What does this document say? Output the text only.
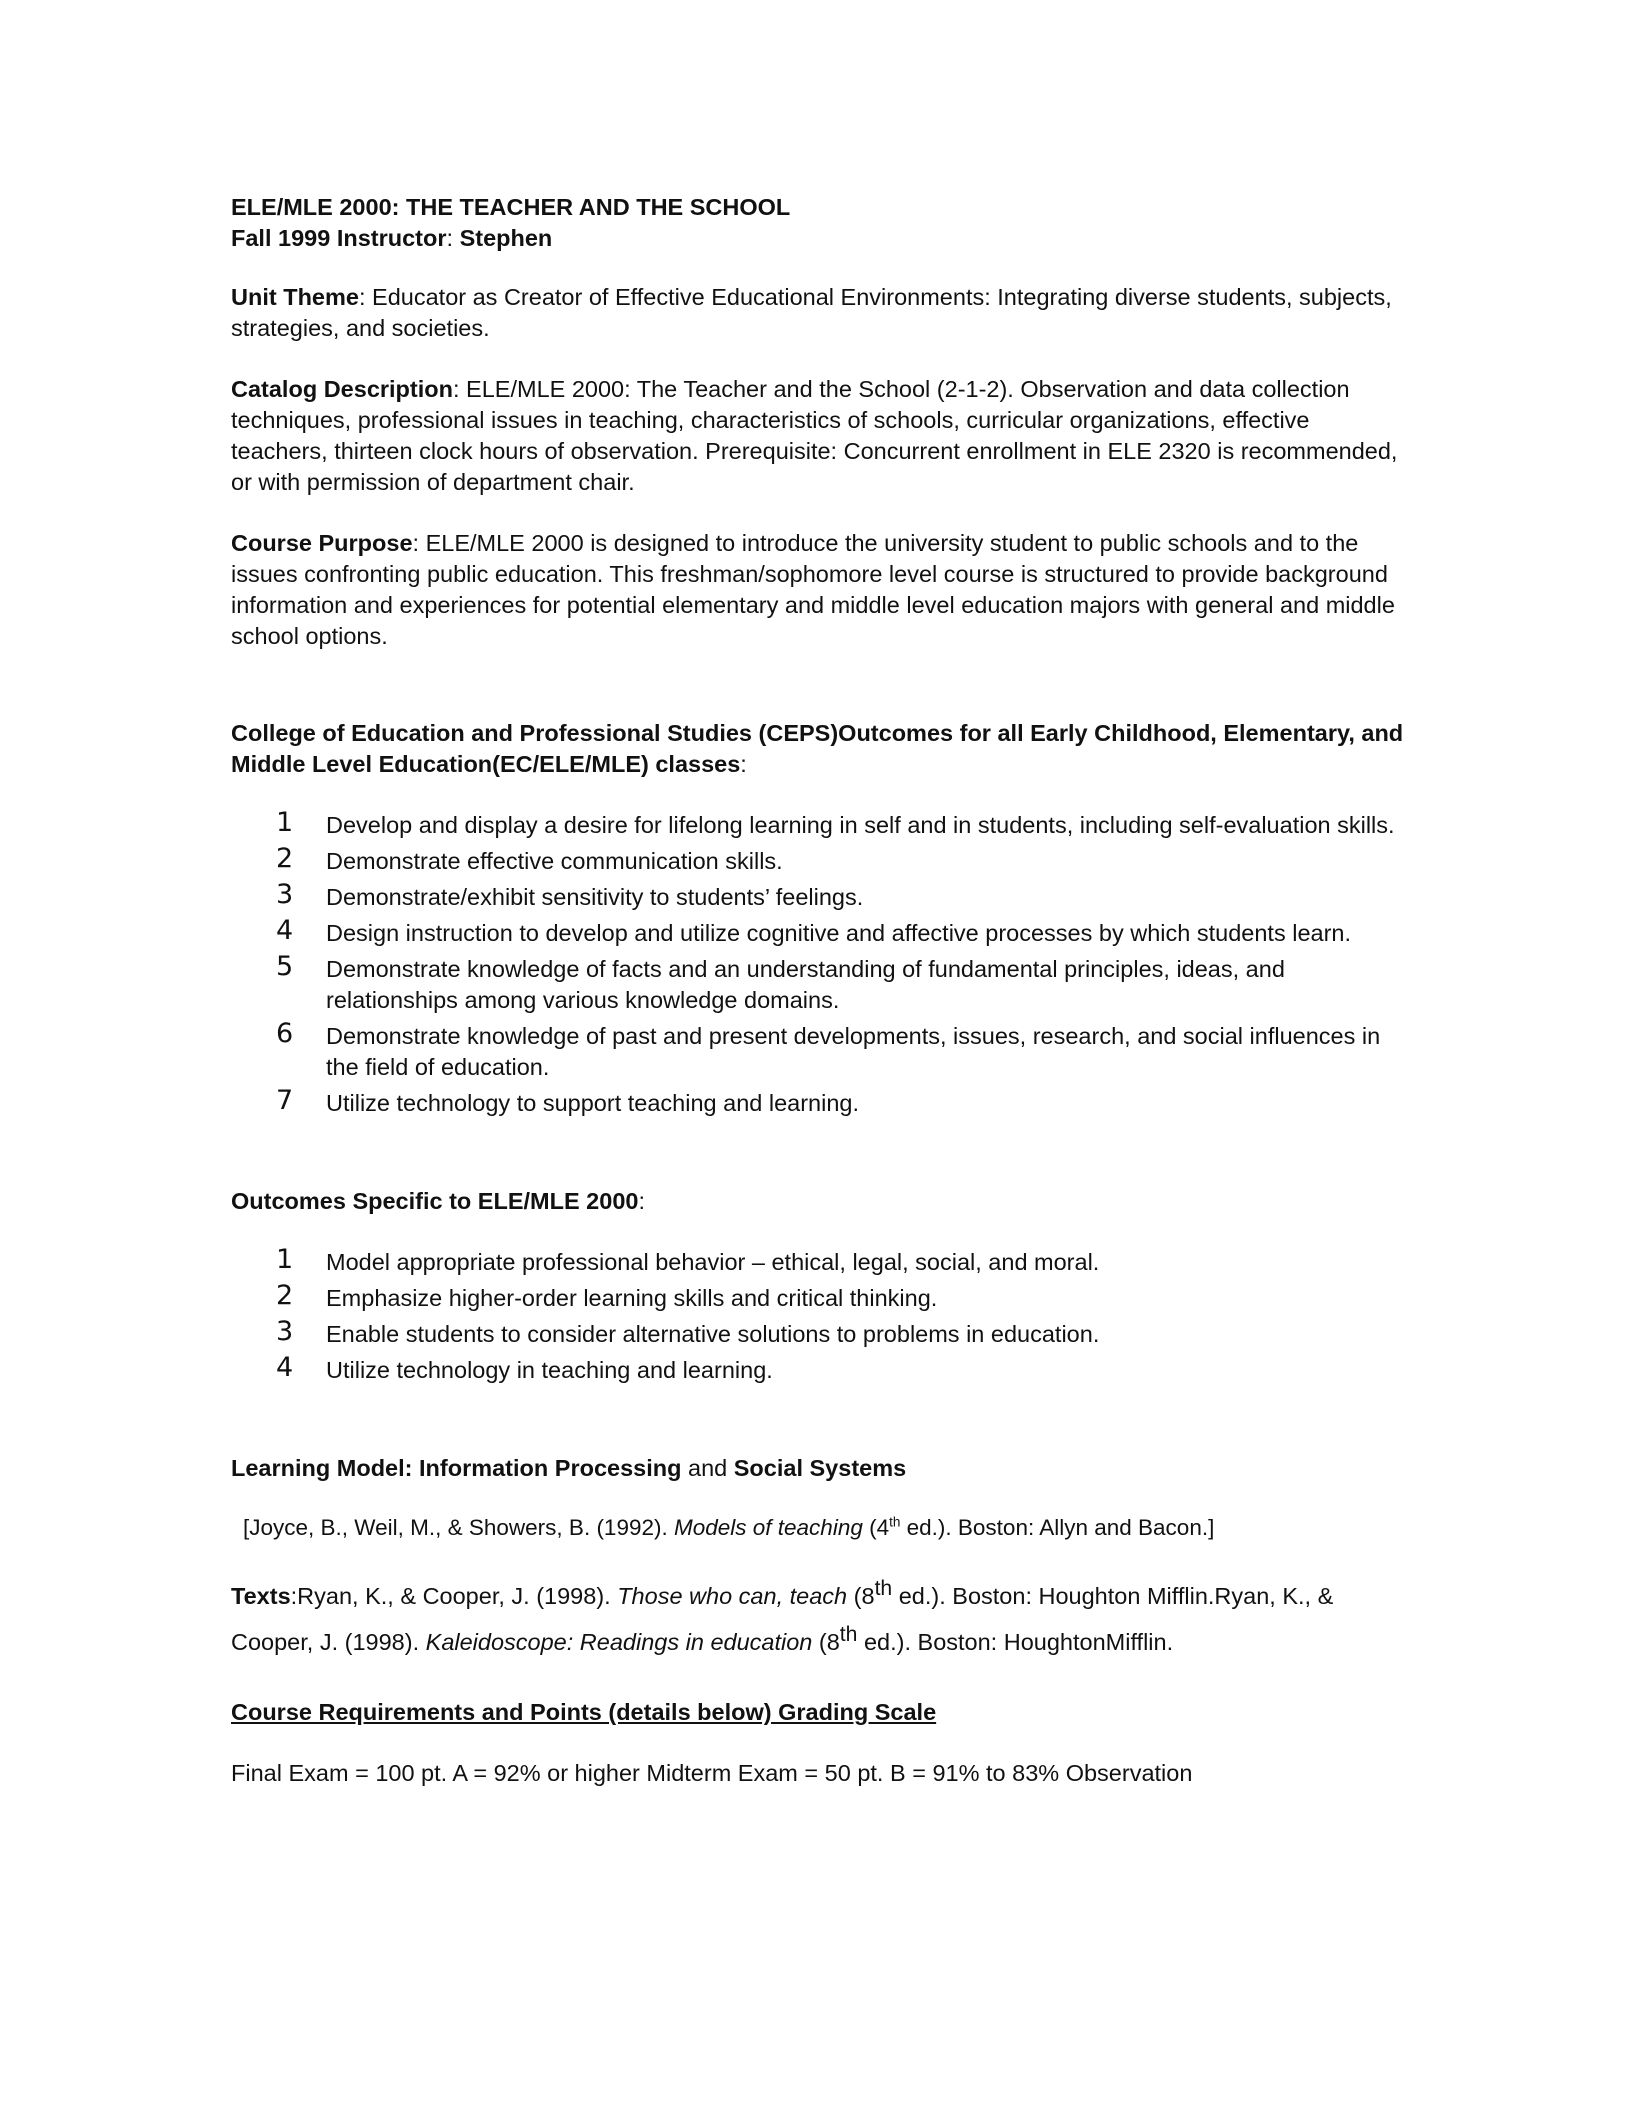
ELE/MLE 2000: THE TEACHER AND THE SCHOOL
Fall 1999 Instructor: Stephen

Unit Theme: Educator as Creator of Effective Educational Environments: Integrating diverse students, subjects, strategies, and societies.

Catalog Description: ELE/MLE 2000: The Teacher and the School (2-1-2). Observation and data collection techniques, professional issues in teaching, characteristics of schools, curricular organizations, effective teachers, thirteen clock hours of observation. Prerequisite: Concurrent enrollment in ELE 2320 is recommended, or with permission of department chair.

Course Purpose: ELE/MLE 2000 is designed to introduce the university student to public schools and to the issues confronting public education. This freshman/sophomore level course is structured to provide background information and experiences for potential elementary and middle level education majors with general and middle school options.

College of Education and Professional Studies (CEPS)Outcomes for all Early Childhood, Elementary, and Middle Level Education(EC/ELE/MLE) classes:

1 Develop and display a desire for lifelong learning in self and in students, including self-evaluation skills.
2 Demonstrate effective communication skills.
3 Demonstrate/exhibit sensitivity to students’ feelings.
4 Design instruction to develop and utilize cognitive and affective processes by which students learn.
5 Demonstrate knowledge of facts and an understanding of fundamental principles, ideas, and relationships among various knowledge domains.
6 Demonstrate knowledge of past and present developments, issues, research, and social influences in the field of education.
7 Utilize technology to support teaching and learning.

Outcomes Specific to ELE/MLE 2000:

1 Model appropriate professional behavior – ethical, legal, social, and moral.
2 Emphasize higher-order learning skills and critical thinking.
3 Enable students to consider alternative solutions to problems in education.
4 Utilize technology in teaching and learning.

Learning Model: Information Processing and Social Systems

[Joyce, B., Weil, M., & Showers, B. (1992). Models of teaching (4th ed.). Boston: Allyn and Bacon.]

Texts:Ryan, K., & Cooper, J. (1998). Those who can, teach (8th ed.). Boston: Houghton Mifflin.Ryan, K., & Cooper, J. (1998). Kaleidoscope: Readings in education (8th ed.). Boston: HoughtonMifflin.

Course Requirements and Points (details below) Grading Scale

Final Exam = 100 pt. A = 92% or higher Midterm Exam = 50 pt. B = 91% to 83% Observation
